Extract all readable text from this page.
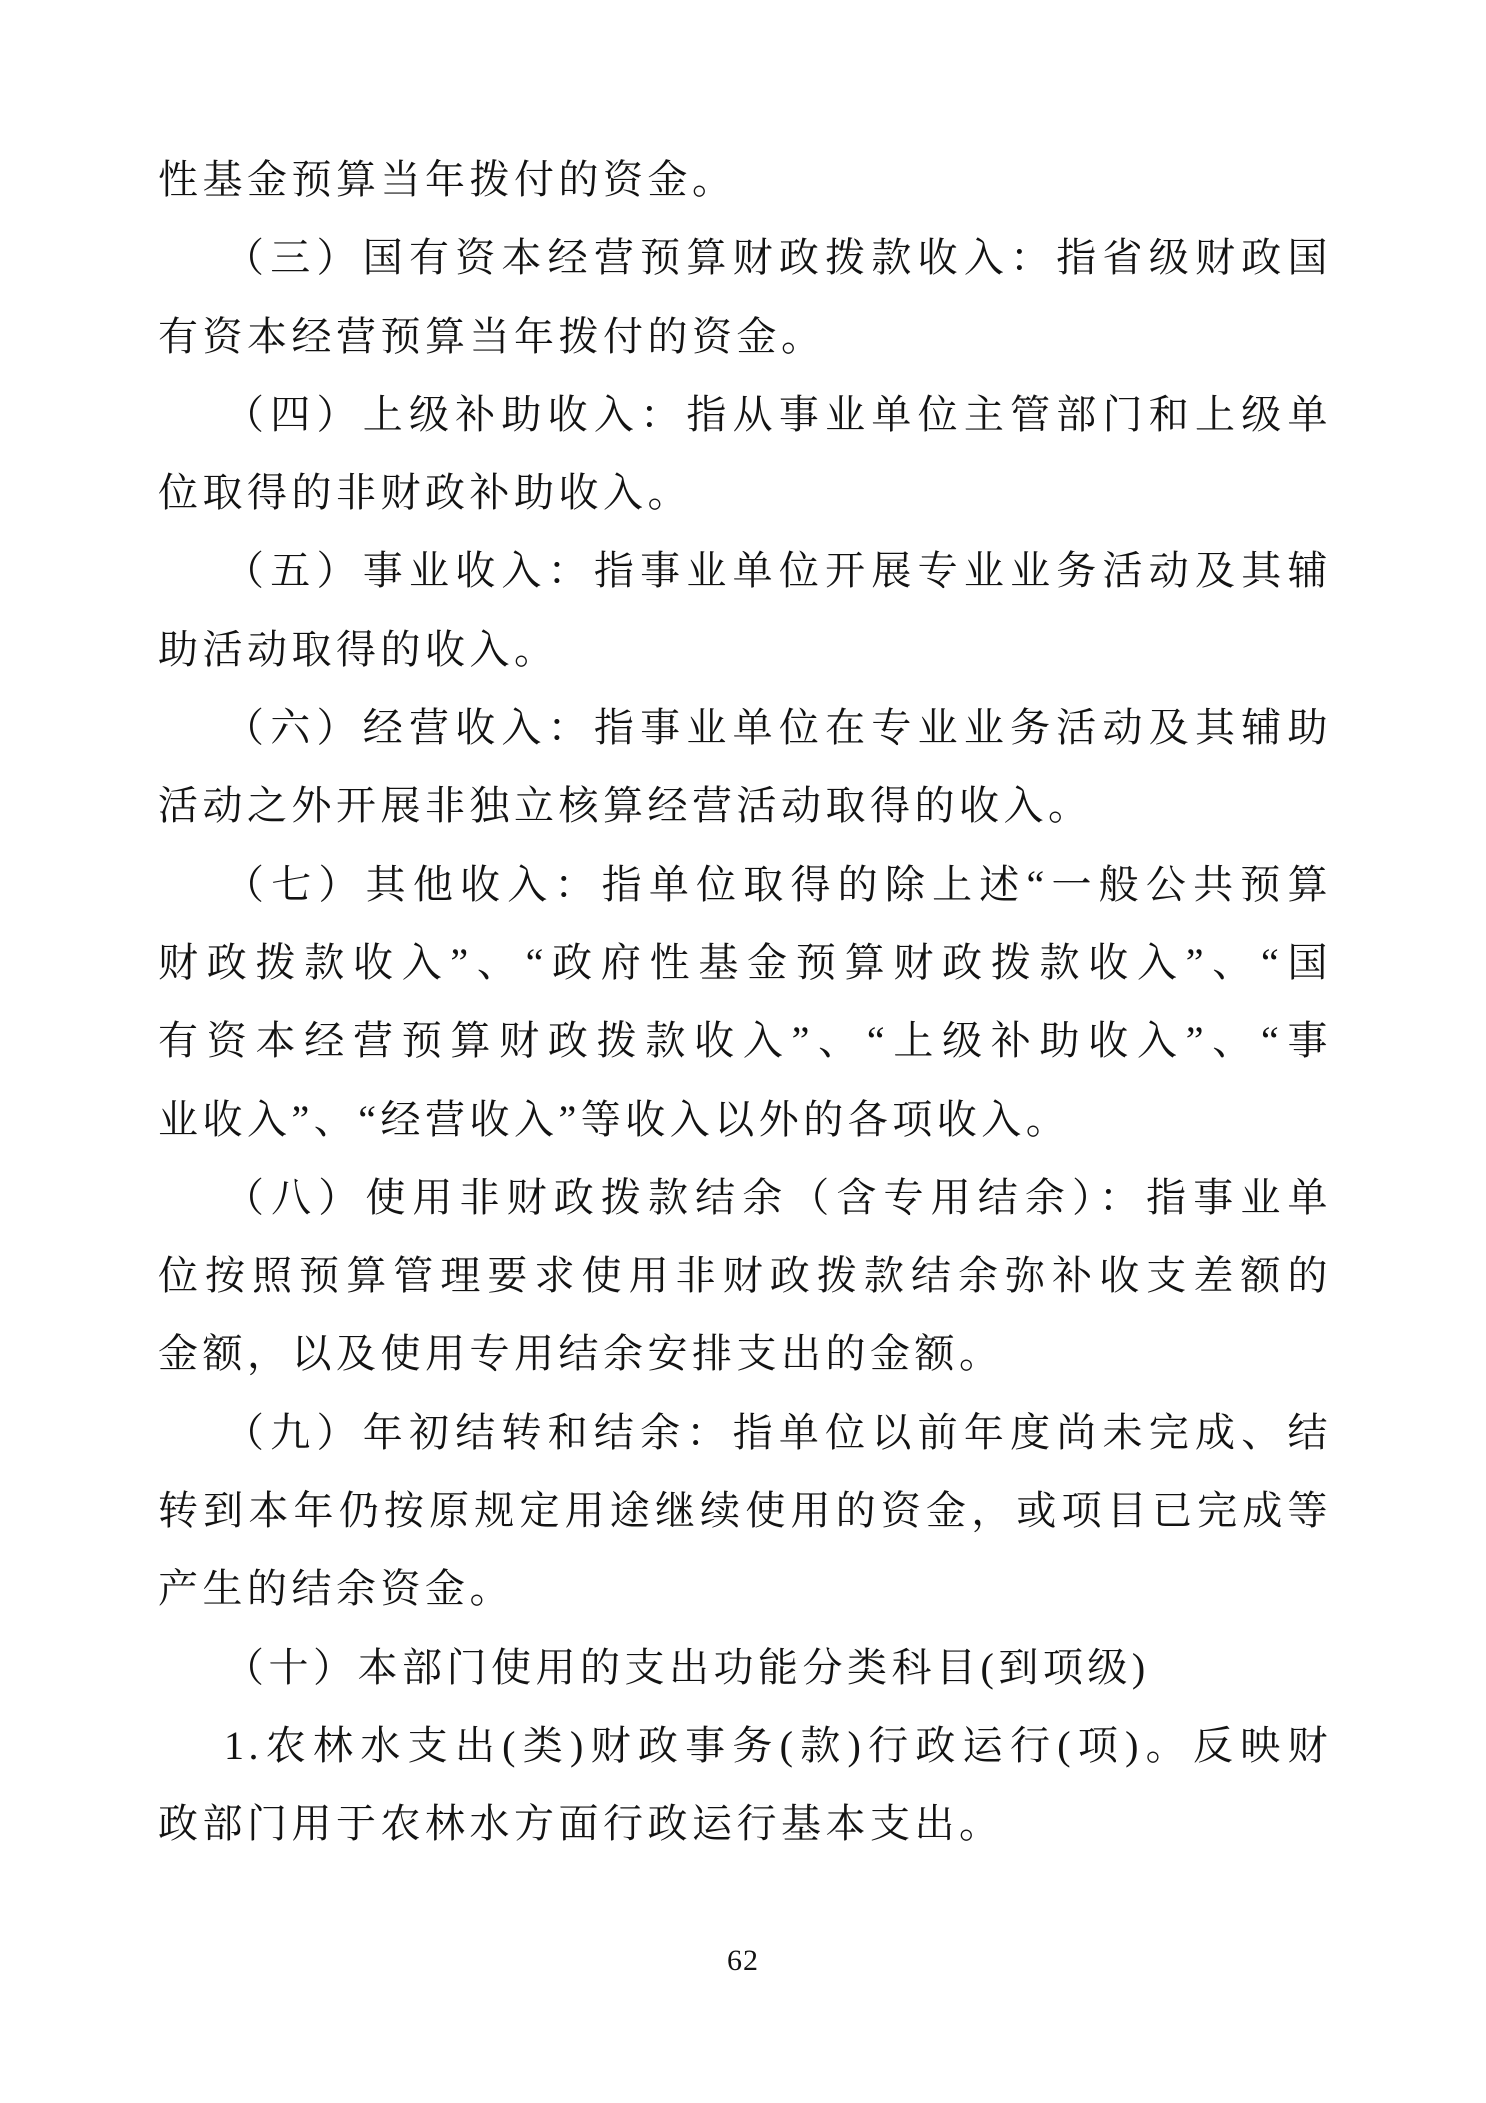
性基金预算当年拨付的资金。
（三）国有资本经营预算财政拨款收入：指省级财政国
有资本经营预算当年拨付的资金。
（四）上级补助收入：指从事业单位主管部门和上级单
位取得的非财政补助收入。
（五）事业收入：指事业单位开展专业业务活动及其辅
助活动取得的收入。
（六）经营收入：指事业单位在专业业务活动及其辅助
活动之外开展非独立核算经营活动取得的收入。
（七）其他收入：指单位取得的除上述“一般公共预算
财政拨款收入”、“政府性基金预算财政拨款收入”、“国
有资本经营预算财政拨款收入”、“上级补助收入”、“事
业收入”、“经营收入”等收入以外的各项收入。
（八）使用非财政拨款结余（含专用结余）：指事业单
位按照预算管理要求使用非财政拨款结余弥补收支差额的
金额，以及使用专用结余安排支出的金额。
（九）年初结转和结余：指单位以前年度尚未完成、结
转到本年仍按原规定用途继续使用的资金，或项目已完成等
产生的结余资金。
（十）本部门使用的支出功能分类科目(到项级)
1.农林水支出(类)财政事务(款)行政运行(项)。反映财
政部门用于农林水方面行政运行基本支出。
62
